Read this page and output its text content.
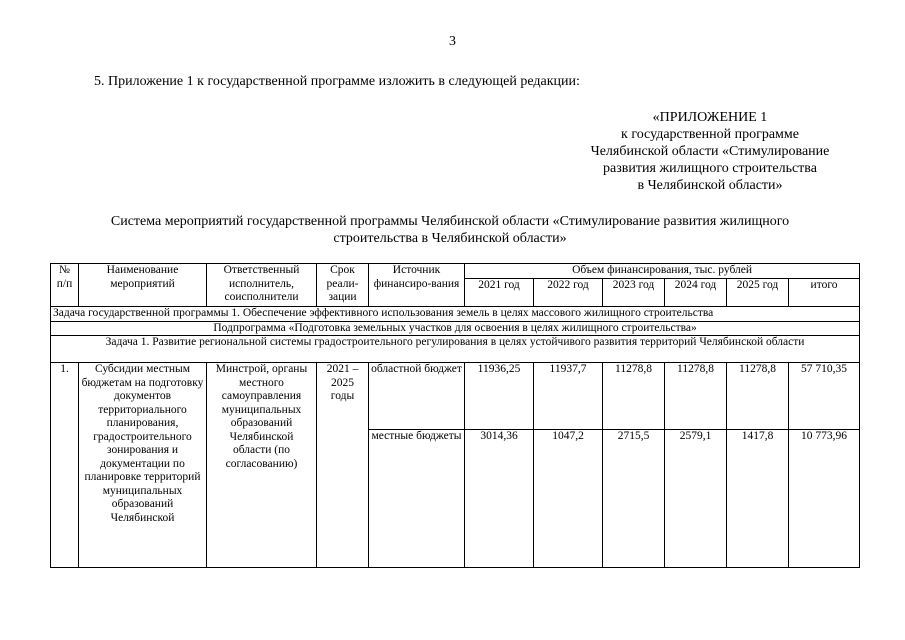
3
5. Приложение 1 к государственной программе изложить в следующей редакции:
«ПРИЛОЖЕНИЕ 1
к государственной программе
Челябинской области «Стимулирование
развития жилищного строительства
в Челябинской области»
Система мероприятий государственной программы Челябинской области «Стимулирование развития жилищного
строительства в Челябинской области»
№ п/п	Наименование мероприятий	Ответственный исполнитель, соисполнители	Срок реали-зации	Источник финансиро-вания	Объем финансирования, тыс. рублей					
					2021 год	2022 год	2023 год	2024 год	2025 год	итого
Задача государственной программы 1. Обеспечение эффективного использования земель в целях массового жилищного строительства										
Подпрограмма «Подготовка земельных участков для освоения в целях жилищного строительства»										
Задача 1. Развитие региональной системы градостроительного регулирования в целях устойчивого развития территорий Челябинской области										
1.	Субсидии местным бюджетам на подготовку документов территориального планирования, градостроительного зонирования и документации по планировке территорий муниципальных образований Челябинской	Минстрой, органы местного самоуправления муниципальных образований Челябинской области (по согласованию)	2021 – 2025 годы	областной бюджет	11936,25	11937,7	11278,8	11278,8	11278,8	57 710,35
				местные бюджеты	3014,36	1047,2	2715,5	2579,1	1417,8	10 773,96
